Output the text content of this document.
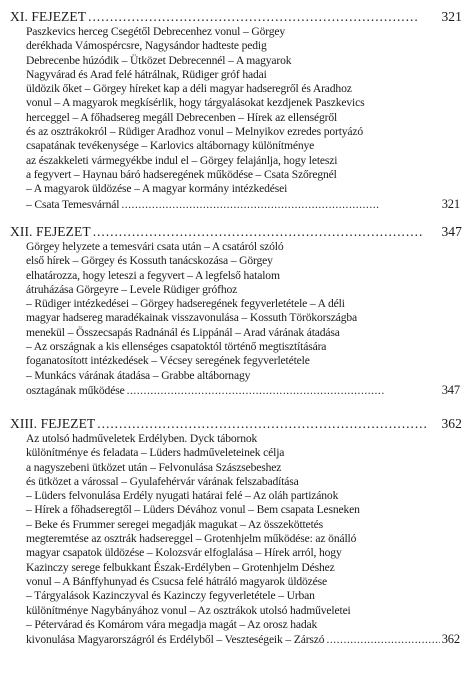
XI. FEJEZET . . .	321
Paszkevics herceg Csegétől Debrecenhez vonul – Görgey
derékhada Vámospércsre, Nagysándor hadteste pedig
Debrecenbe húzódik – Ütközet Debrecennél – A magyarok
Nagyvárad és Arad felé hátrálnak, Rüdiger gróf hadai
üldözik őket – Görgey híreket kap a déli magyar hadseregről és Aradhoz
vonul – A magyarok megkísérlik, hogy tárgyalásokat kezdjenek Paszkevics
herceggel – A főhadsereg megáll Debrecenben – Hírek az ellenségről
és az osztrákokról – Rüdiger Aradhoz vonul – Melnyikov ezredes portyázó
csapatának tevékenysége – Karlovics altábornagy különítménye
az északkeleti vármegyékbe indul el – Görgey felajánlja, hogy leteszi
a fegyvert – Haynau báró hadseregének működése – Csata Szőregnél
– A magyarok üldözése – A magyar kormány intézkedései
– Csata Temesvárnál . . .	321
XII. FEJEZET . . .	347
Görgey helyzete a temesvári csata után – A csatáról szóló
első hírek – Görgey és Kossuth tanácskozása – Görgey
elhatározza, hogy leteszi a fegyvert – A legfelső hatalom
átruházása Görgeyre – Levele Rüdiger grófhoz
– Rüdiger intézkedései – Görgey hadseregének fegyverletétele – A déli
magyar hadsereg maradékainak visszavonulása – Kossuth Törökországba
menekül – Összecsapás Radnánál és Lippánál – Arad várának átadása
– Az országnak a kis ellenséges csapatoktól történő megtisztítására
foganatosított intézkedések – Vécsey seregének fegyverletétele
– Munkács várának átadása – Grabbe altábornagy
osztagának működése . . .	347
XIII. FEJEZET . . .	362
Az utolsó hadműveletek Erdélyben. Dyck tábornok
különítménye és feladata – Lüders hadműveleteinek célja
a nagyszebeni ütközet után – Felvonulása Szászsebeshez
és ütközet a várossal – Gyulafehérvár várának felszabadítása
– Lüders felvonulása Erdély nyugati határai felé – Az oláh partizánok
– Hírek a főhadseregtől – Lüders Dévához vonul – Bem csapata Lesneken
– Beke és Frummer seregei megadják magukat – Az összeköttetés
megteremtése az osztrák hadsereggel – Grotenhjelm működése: az önálló
magyar csapatok üldözése – Kolozsvár elfoglalása – Hírek arról, hogy
Kazinczy serege felbukkant Észak-Erdélyben – Grotenhjelm Déshez
vonul – A Bánffyhunyad és Csucsa felé hátráló magyarok üldözése
– Tárgyalások Kazinczyval és Kazinczy fegyverletétele – Urban
különítménye Nagybányához vonul – Az osztrákok utolsó hadműveletei
– Pétervárad és Komárom vára megadja magát – Az orosz hadak
kivonulása Magyarországról és Erdélyből – Veszteségeik – Zárszó . . .	362
